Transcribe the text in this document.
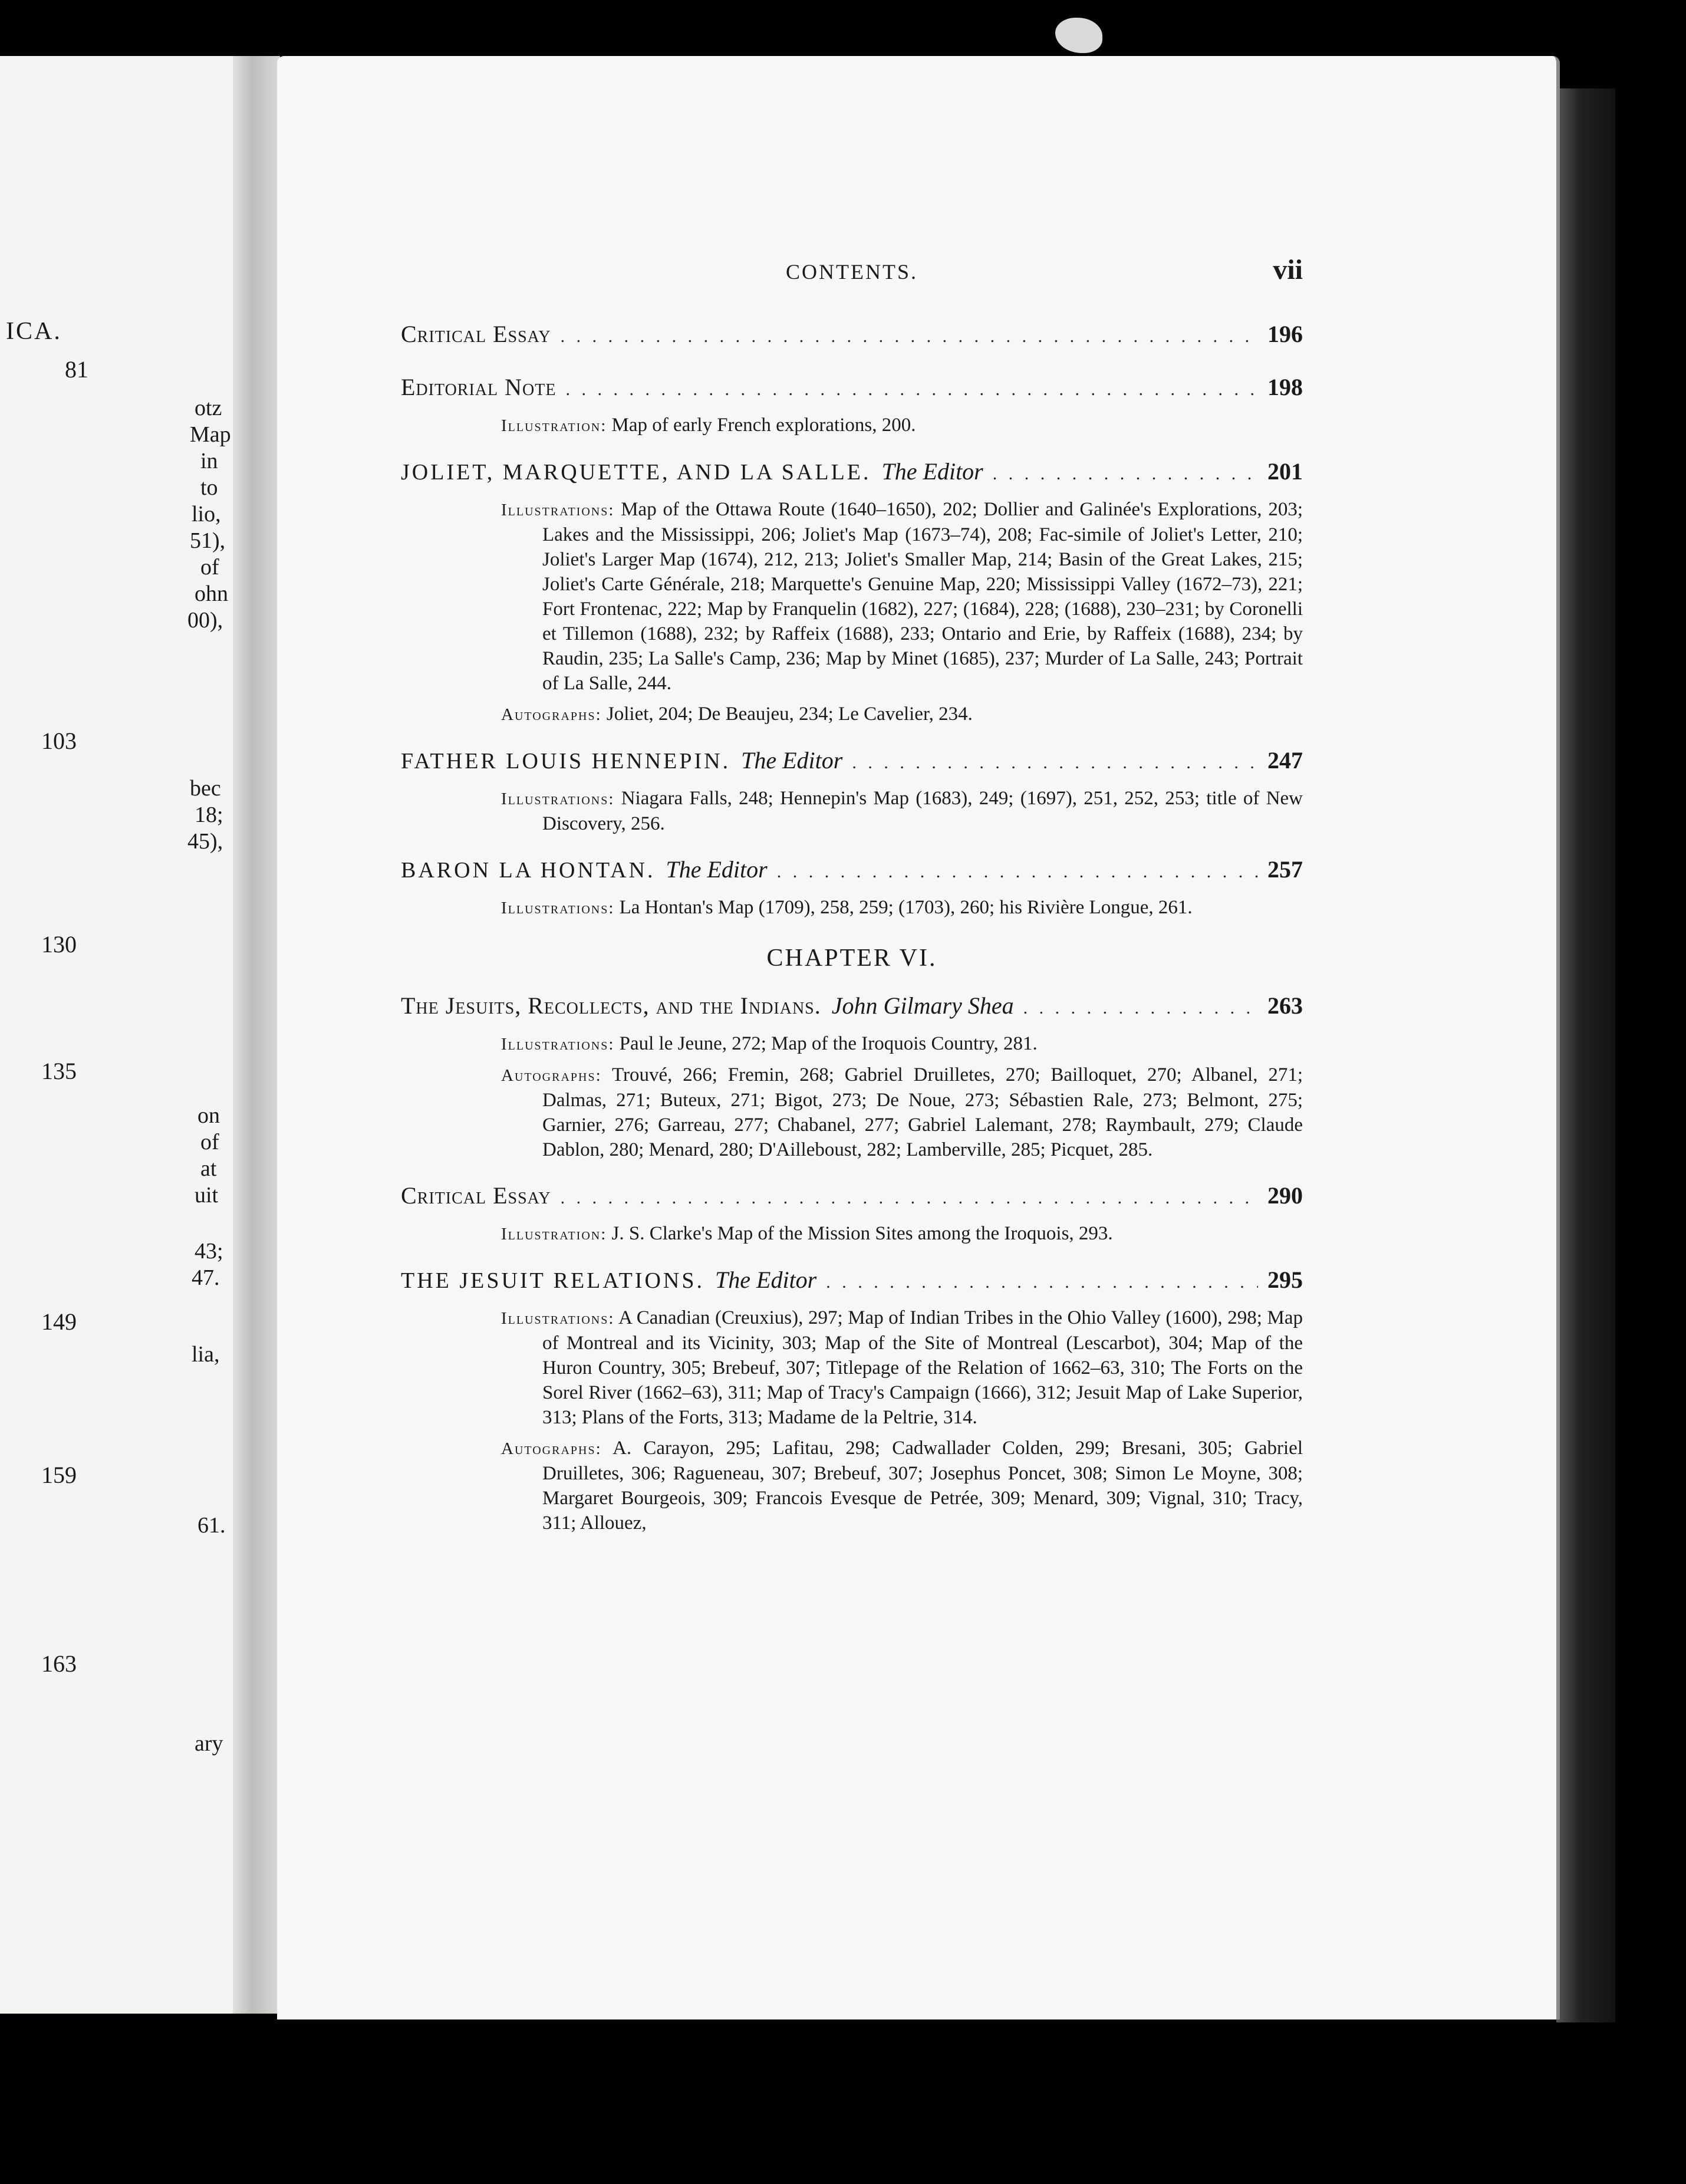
ICA.
81
otz
Map
in
to
lio,
51),
of
ohn
00),
103
bec
18;
45),
130
135
on
of
at
uit
43;
47.
149
lia,
159
61.
163
ary
CONTENTS.	vii
Critical Essay . . .	196
Editorial Note . . .	198
Illustration: Map of early French explorations, 200.
JOLIET, MARQUETTE, AND LA SALLE. The Editor . . .	201
Illustrations: Map of the Ottawa Route (1640–1650), 202; Dollier and Galinée's Explorations, 203; Lakes and the Mississippi, 206; Joliet's Map (1673–74), 208; Fac-simile of Joliet's Letter, 210; Joliet's Larger Map (1674), 212, 213; Joliet's Smaller Map, 214; Basin of the Great Lakes, 215; Joliet's Carte Générale, 218; Marquette's Genuine Map, 220; Mississippi Valley (1672–73), 221; Fort Frontenac, 222; Map by Franquelin (1682), 227; (1684), 228; (1688), 230–231; by Coronelli et Tillemon (1688), 232; by Raffeix (1688), 233; Ontario and Erie, by Raffeix (1688), 234; by Raudin, 235; La Salle's Camp, 236; Map by Minet (1685), 237; Murder of La Salle, 243; Portrait of La Salle, 244.
Autographs: Joliet, 204; De Beaujeu, 234; Le Cavelier, 234.
FATHER LOUIS HENNEPIN. The Editor . . .	247
Illustrations: Niagara Falls, 248; Hennepin's Map (1683), 249; (1697), 251, 252, 253; title of New Discovery, 256.
BARON LA HONTAN. The Editor . . .	257
Illustrations: La Hontan's Map (1709), 258, 259; (1703), 260; his Rivière Longue, 261.
CHAPTER VI.
The Jesuits, Recollects, and the Indians. John Gilmary Shea . . .	263
Illustrations: Paul le Jeune, 272; Map of the Iroquois Country, 281.
Autographs: Trouvé, 266; Fremin, 268; Gabriel Druilletes, 270; Bailloquet, 270; Albanel, 271; Dalmas, 271; Buteux, 271; Bigot, 273; De Noue, 273; Sébastien Rale, 273; Belmont, 275; Garnier, 276; Garreau, 277; Chabanel, 277; Gabriel Lalemant, 278; Raymbault, 279; Claude Dablon, 280; Menard, 280; D'Ailleboust, 282; Lamberville, 285; Picquet, 285.
Critical Essay . . .	290
Illustration: J. S. Clarke's Map of the Mission Sites among the Iroquois, 293.
THE JESUIT RELATIONS. The Editor . . .	295
Illustrations: A Canadian (Creuxius), 297; Map of Indian Tribes in the Ohio Valley (1600), 298; Map of Montreal and its Vicinity, 303; Map of the Site of Montreal (Lescarbot), 304; Map of the Huron Country, 305; Brebeuf, 307; Titlepage of the Relation of 1662–63, 310; The Forts on the Sorel River (1662–63), 311; Map of Tracy's Campaign (1666), 312; Jesuit Map of Lake Superior, 313; Plans of the Forts, 313; Madame de la Peltrie, 314.
Autographs: A. Carayon, 295; Lafitau, 298; Cadwallader Colden, 299; Bresani, 305; Gabriel Druilletes, 306; Ragueneau, 307; Brebeuf, 307; Josephus Poncet, 308; Simon Le Moyne, 308; Margaret Bourgeois, 309; Francois Evesque de Petrée, 309; Menard, 309; Vignal, 310; Tracy, 311; Allouez,
